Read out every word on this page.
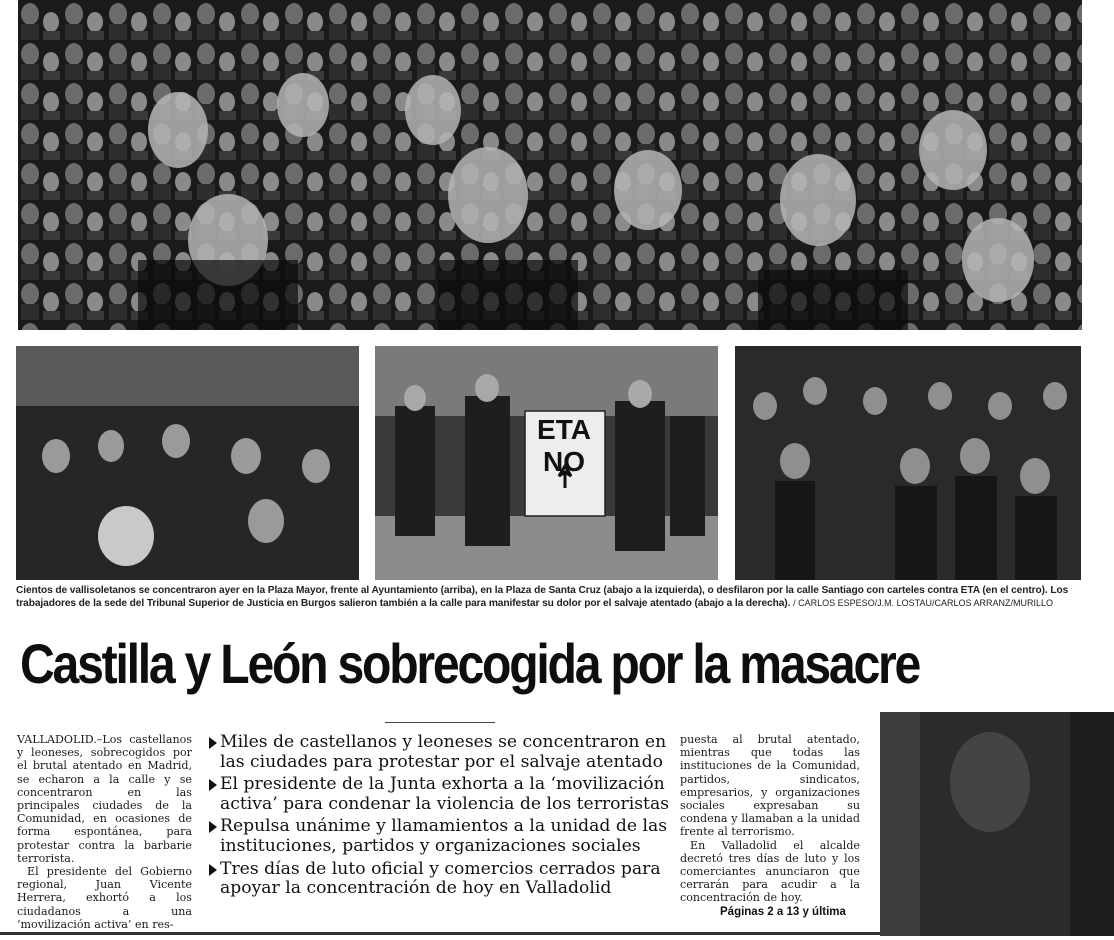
ETA
NO
Cientos de vallisoletanos se concentraron ayer en la Plaza Mayor, frente al Ayuntamiento (arriba), en la Plaza de Santa Cruz (abajo a la izquierda), o desfilaron por la calle Santiago con carteles contra ETA (en el centro). Los trabajadores de la sede del Tribunal Superior de Justicia en Burgos salieron también a la calle para manifestar su dolor por el salvaje atentado (abajo a la derecha). / CARLOS ESPESO/J.M. LOSTAU/CARLOS ARRANZ/MURILLO
Castilla y León sobrecogida por la masacre

VALLADOLID.–Los castellanos y leoneses, sobrecogidos por el brutal atentado en Madrid, se echaron a la calle y se concentraron en las principales ciudades de la Comunidad, en ocasiones de forma espontánea, para protestar contra la barbarie terrorista.

El presidente del Gobierno regional, Juan Vicente Herrera, exhortó a los ciudadanos a una ‘movilización activa’ en res-

Miles de castellanos y leoneses se concentraron en las ciudades para protestar por el salvaje atentado
El presidente de la Junta exhorta a la ‘movilización activa’ para condenar la violencia de los terroristas
Repulsa unánime y llamamientos a la unidad de las instituciones, partidos y organizaciones sociales
Tres días de luto oficial y comercios cerrados para apoyar la concentración de hoy en Valladolid

puesta al brutal atentado, mientras que todas las instituciones de la Comunidad, partidos, sindicatos, empresarios, y organizaciones sociales expresaban su condena y llamaban a la unidad frente al terrorismo.

En Valladolid el alcalde decretó tres días de luto y los comerciantes anunciaron que cerrarán para acudir a la concentración de hoy.

Páginas 2 a 13 y última
